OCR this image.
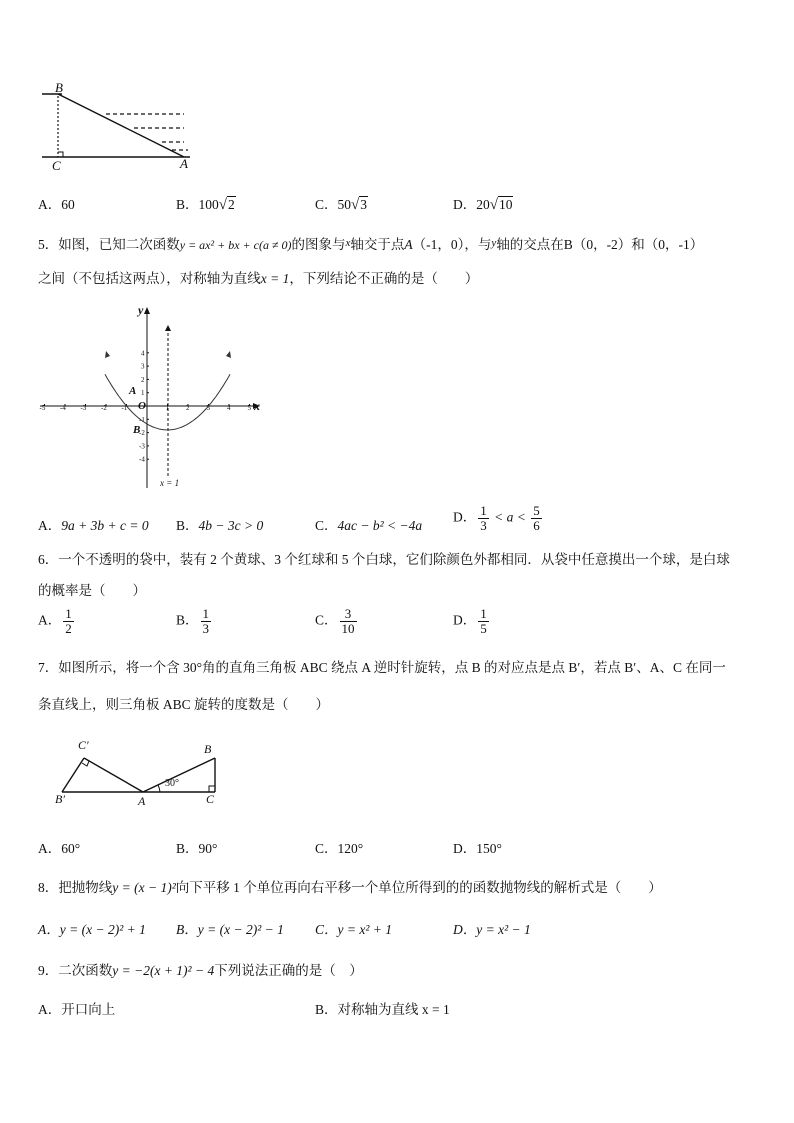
B
C	A
A．60	B．100√2	C．50√3	D．20√10
5．如图，已知二次函数y = ax² + bx + c(a ≠ 0)的图象与$^x$轴交于点A（-1，0），与$^y$轴的交点在B（0，-2）和（0，-1）
之间（不包括这两点），对称轴为直线x = 1，下列结论不正确的是（　　）
-5 -4 -3 -2 -1	1 2 3 4 5
4
3
2
1
-1
-2
-3
-4
y
x
O
A
B
x = 1
A．9a + 3b + c = 0 B．4b − 3c > 0	C．4ac − b² < −4a
D． $\frac{1}{3} < a < \frac{5}{6}$
6．一个不透明的袋中，装有 2 个黄球、3 个红球和 5 个白球，它们除颜色外都相同．从袋中任意摸出一个球，是白球
的概率是（　　）
A． $\frac{1}{2}$	B． $\frac{1}{3}$	C． $\frac{3}{10}$	D． $\frac{1}{5}$
7．如图所示，将一个含 30°角的直角三角板 ABC 绕点 A 逆时针旋转，点 B 的对应点是点 B′，若点 B′、A、C 在同一
条直线上，则三角板 ABC 旋转的度数是（　　）
C′
B′	A
B
C
30°
A．60°	B．90°	C．120°	D．150°
8．把抛物线y = (x − 1)²向下平移 1 个单位再向右平移一个单位所得到的的函数抛物线的解析式是（　　）
A．y = (x − 2)² + 1 B．y = (x − 2)² − 1 C．y = x² + 1	D．y = x² − 1
9．二次函数y = −2(x + 1)² − 4下列说法正确的是（　）
A．开口向上	B．对称轴为直线 x = 1
